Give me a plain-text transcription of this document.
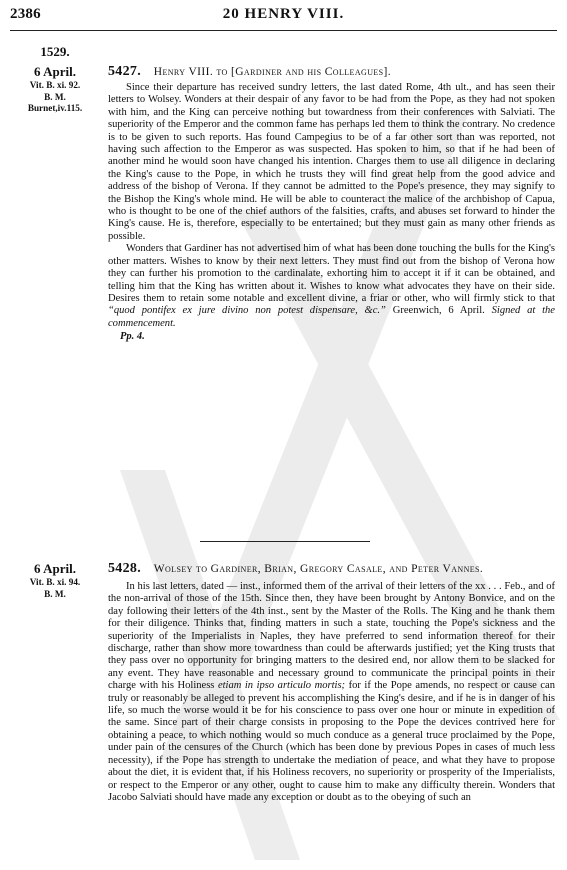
2386	20 HENRY VIII.
1529.
6 April.
Vit. B. xi. 92.
B. M.
Burnet,iv.115.
5427. Henry VIII. to [Gardiner and his Colleagues].

Since their departure has received sundry letters, the last dated Rome, 4th ult., and has seen their letters to Wolsey. Wonders at their despair of any favor to be had from the Pope, as they had not spoken with him, and the King can perceive nothing but towardness from their conferences with Salviati. The superiority of the Emperor and the common fame has perhaps led them to think the contrary. No credence is to be given to such reports. Has found Campegius to be of a far other sort than was reported, not having such affection to the Emperor as was suspected. Has spoken to him, so that if he had been of another mind he would soon have changed his intention. Charges them to use all diligence in declaring the King's cause to the Pope, in which he trusts they will find great help from the good advice and address of the bishop of Verona. If they cannot be admitted to the Pope's presence, they may signify to the Bishop the King's whole mind. He will be able to counteract the malice of the archbishop of Capua, who is thought to be one of the chief authors of the falsities, crafts, and abuses set forward to hinder the King's cause. He is, therefore, especially to be entertained; but they must gain as many other friends as possible.

Wonders that Gardiner has not advertised him of what has been done touching the bulls for the King's other matters. Wishes to know by their next letters. They must find out from the bishop of Verona how they can further his promotion to the cardinalate, exhorting him to accept it if it can be obtained, and telling him that the King has written about it. Wishes to know what advocates they have on their side. Desires them to retain some notable and excellent divine, a friar or other, who will firmly stick to that “quod pontifex ex jure divino non potest dispensare, &c.” Greenwich, 6 April. Signed at the commencement.

Pp. 4.
6 April.
Vit. B. xi. 94.
B. M.
5428. Wolsey to Gardiner, Brian, Gregory Casale, and Peter Vannes.

In his last letters, dated — inst., informed them of the arrival of their letters of the xx . . . Feb., and of the non-arrival of those of the 15th. Since then, they have been brought by Antony Bonvice, and on the day following their letters of the 4th inst., sent by the Master of the Rolls. The King and he thank them for their diligence. Thinks that, finding matters in such a state, touching the Pope's sickness and the superiority of the Imperialists in Naples, they have preferred to send information thereof for their discharge, rather than show more towardness than could be afterwards justified; yet the King trusts that they pass over no opportunity for bringing matters to the desired end, nor allow them to be slacked for any event. They have reasonable and necessary ground to communicate the principal points in their charge with his Holiness etiam in ipso articulo mortis; for if the Pope amends, no respect or cause can truly or reasonably be alleged to prevent his accomplishing the King's desire, and if he is in danger of his life, so much the worse would it be for his conscience to pass over one hour or minute in expedition of the same. Since part of their charge consists in proposing to the Pope the devices contrived here for obtaining a peace, to which nothing would so much conduce as a general truce proclaimed by the Pope, under pain of the censures of the Church (which has been done by previous Popes in cases of much less necessity), if the Pope has strength to undertake the mediation of peace, and what they have to propose about the diet, it is evident that, if his Holiness recovers, no superiority or prosperity of the Imperialists, or respect to the Emperor or any other, ought to cause him to make any difficulty therein. Wonders that Jacobo Salviati should have made any exception or doubt as to the obeying of such an
